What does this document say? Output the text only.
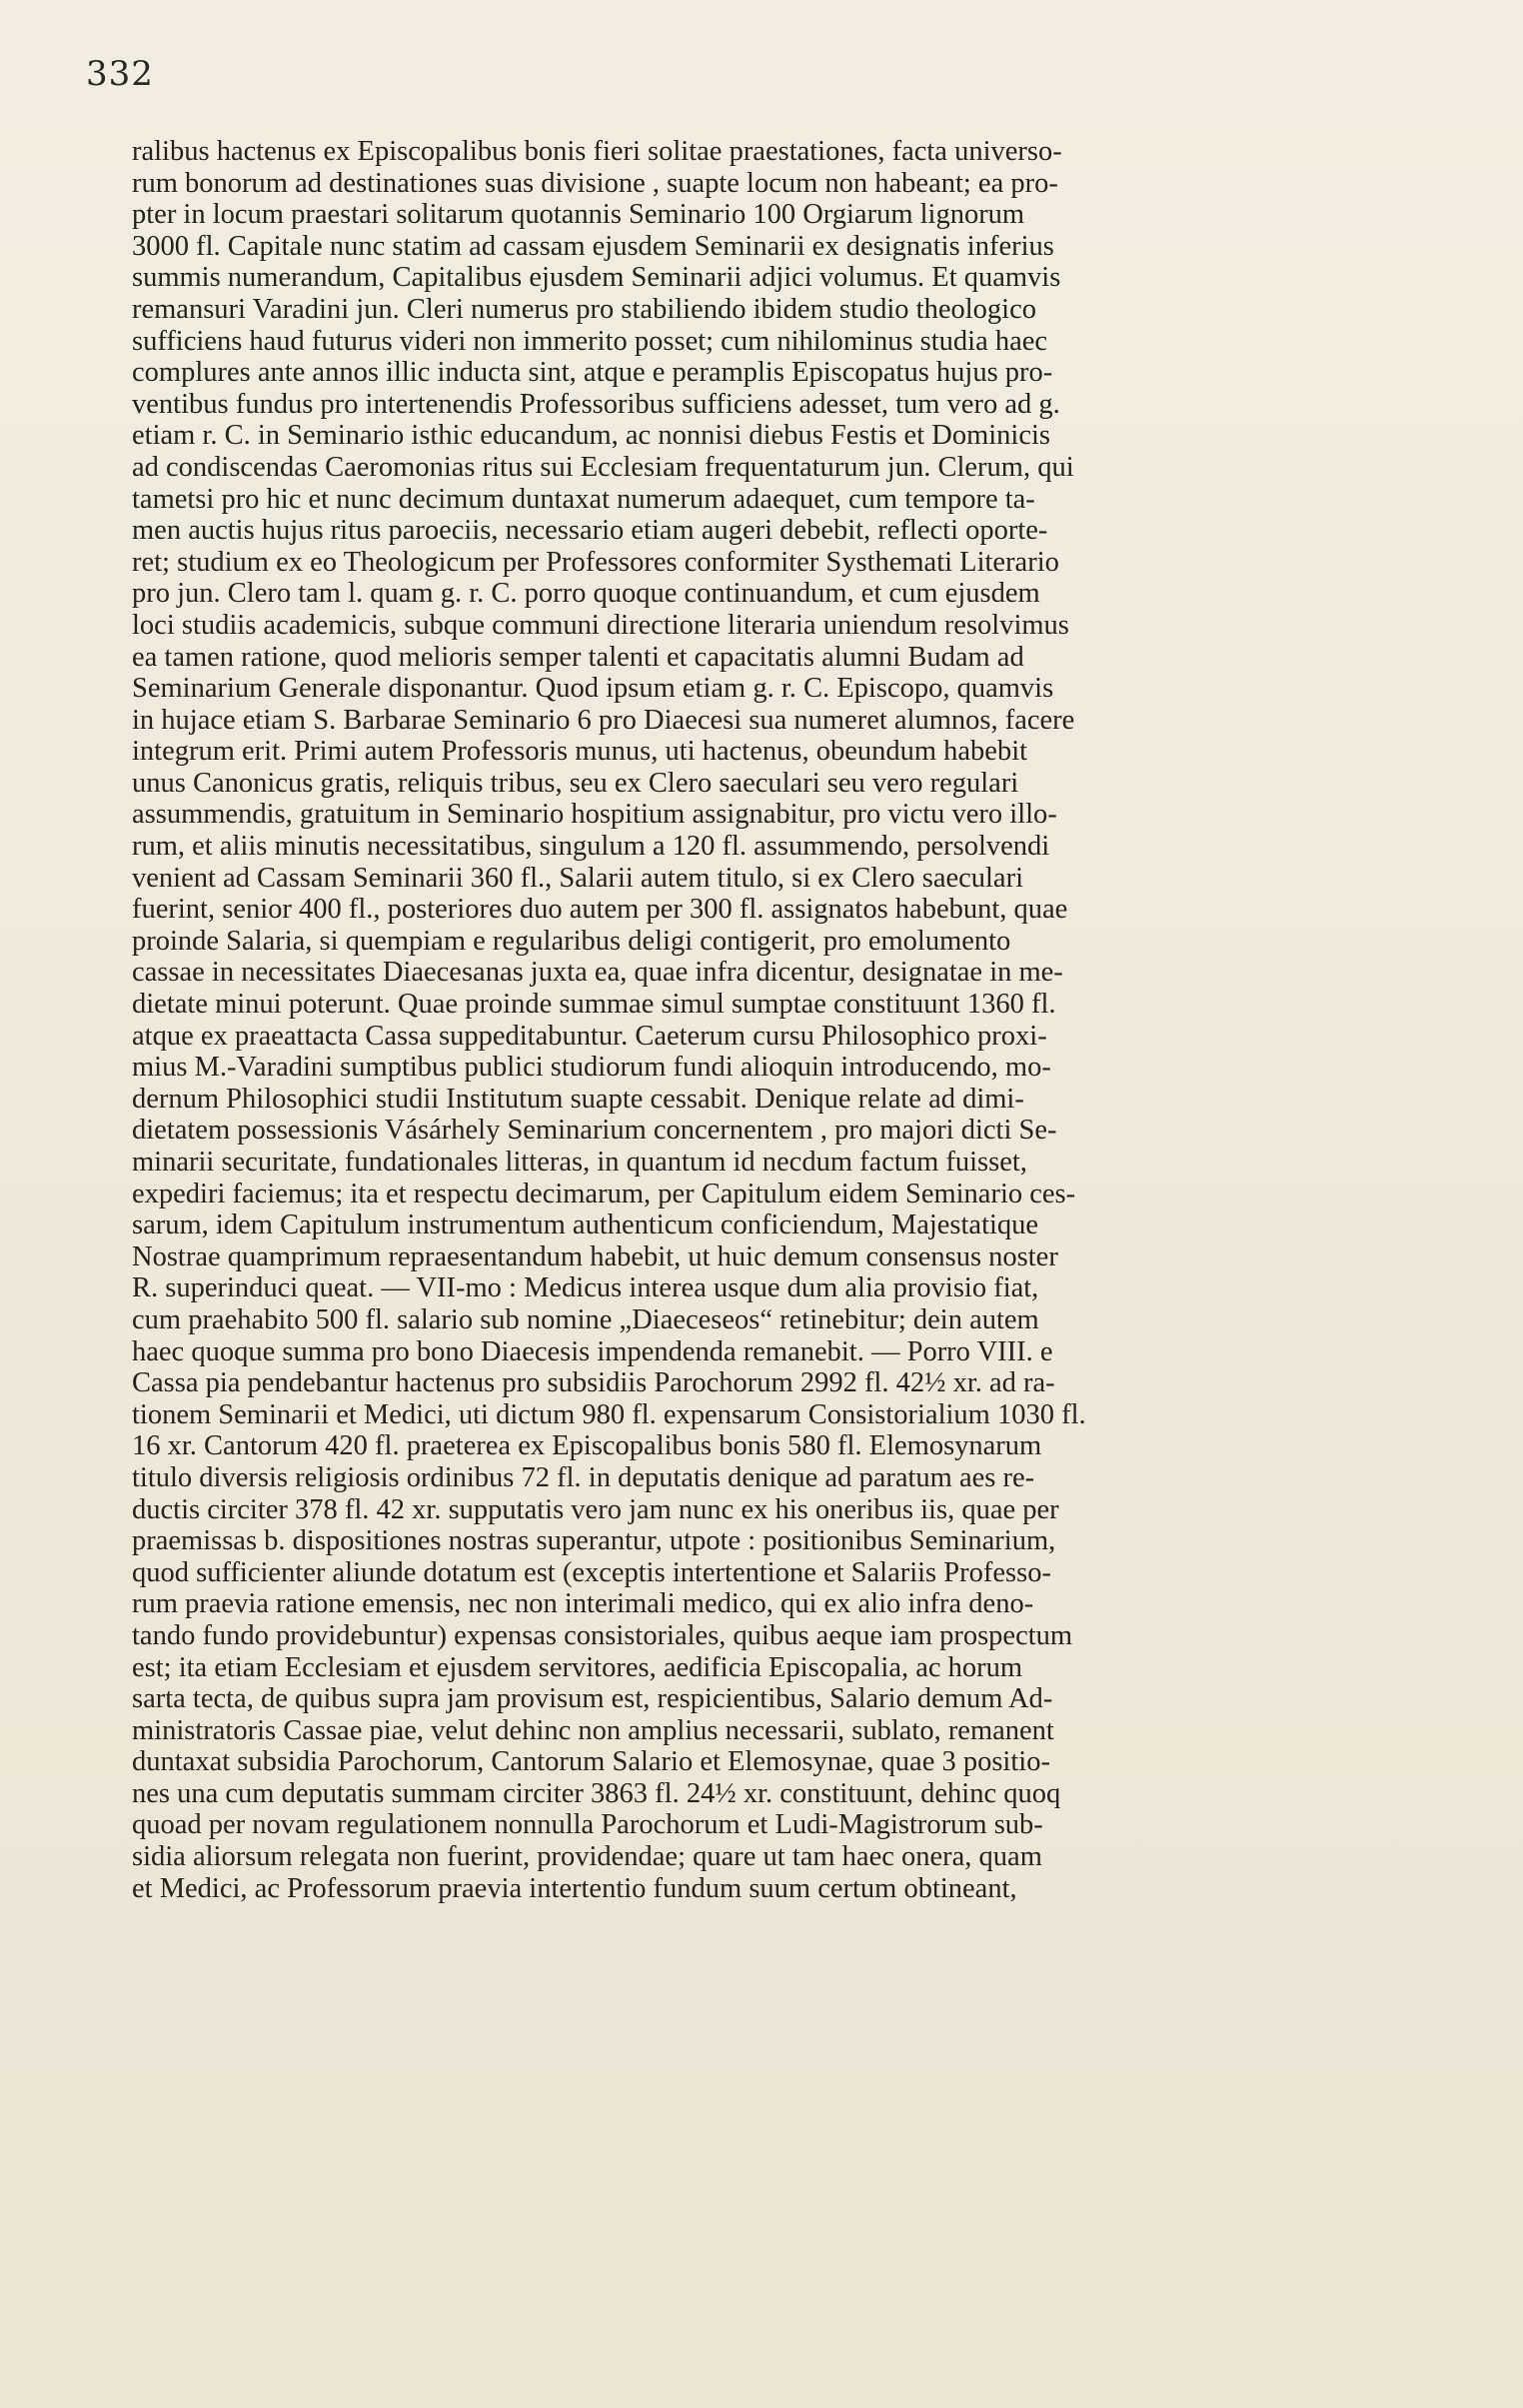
332
ralibus hactenus ex Episcopalibus bonis fieri solitae praestationes, facta universo-
rum bonorum ad destinationes suas divisione , suapte locum non habeant; ea pro-
pter in locum praestari solitarum quotannis Seminario 100 Orgiarum lignorum
3000 fl. Capitale nunc statim ad cassam ejusdem Seminarii ex designatis inferius
summis numerandum, Capitalibus ejusdem Seminarii adjici volumus. Et quamvis
remansuri Varadini jun. Cleri numerus pro stabiliendo ibidem studio theologico
sufficiens haud futurus videri non immerito posset; cum nihilominus studia haec
complures ante annos illic inducta sint, atque e peramplis Episcopatus hujus pro-
ventibus fundus pro intertenendis Professoribus sufficiens adesset, tum vero ad g.
etiam r. C. in Seminario isthic educandum, ac nonnisi diebus Festis et Dominicis
ad condiscendas Caeromonias ritus sui Ecclesiam frequentaturum jun. Clerum, qui
tametsi pro hic et nunc decimum duntaxat numerum adaequet, cum tempore ta-
men auctis hujus ritus paroeciis, necessario etiam augeri debebit, reflecti oporte-
ret; studium ex eo Theologicum per Professores conformiter Systhemati Literario
pro jun. Clero tam l. quam g. r. C. porro quoque continuandum, et cum ejusdem
loci studiis academicis, subque communi directione literaria uniendum resolvimus
ea tamen ratione, quod melioris semper talenti et capacitatis alumni Budam ad
Seminarium Generale disponantur. Quod ipsum etiam g. r. C. Episcopo, quamvis
in hujace etiam S. Barbarae Seminario 6 pro Diaecesi sua numeret alumnos, facere
integrum erit. Primi autem Professoris munus, uti hactenus, obeundum habebit
unus Canonicus gratis, reliquis tribus, seu ex Clero saeculari seu vero regulari
assummendis, gratuitum in Seminario hospitium assignabitur, pro victu vero illo-
rum, et aliis minutis necessitatibus, singulum a 120 fl. assummendo, persolvendi
venient ad Cassam Seminarii 360 fl., Salarii autem titulo, si ex Clero saeculari
fuerint, senior 400 fl., posteriores duo autem per 300 fl. assignatos habebunt, quae
proinde Salaria, si quempiam e regularibus deligi contigerit, pro emolumento
cassae in necessitates Diaecesanas juxta ea, quae infra dicentur, designatae in me-
dietate minui poterunt. Quae proinde summae simul sumptae constituunt 1360 fl.
atque ex praeattacta Cassa suppeditabuntur. Caeterum cursu Philosophico proxi-
mius M.-Varadini sumptibus publici studiorum fundi alioquin introducendo, mo-
dernum Philosophici studii Institutum suapte cessabit. Denique relate ad dimi-
dietatem possessionis Vásárhely Seminarium concernentem , pro majori dicti Se-
minarii securitate, fundationales litteras, in quantum id necdum factum fuisset,
expediri faciemus; ita et respectu decimarum, per Capitulum eidem Seminario ces-
sarum, idem Capitulum instrumentum authenticum conficiendum, Majestatique
Nostrae quamprimum repraesentandum habebit, ut huic demum consensus noster
R. superinduci queat. — VII-mo : Medicus interea usque dum alia provisio fiat,
cum praehabito 500 fl. salario sub nomine „Diaeceseos“ retinebitur; dein autem
haec quoque summa pro bono Diaecesis impendenda remanebit. — Porro VIII. e
Cassa pia pendebantur hactenus pro subsidiis Parochorum 2992 fl. 42½ xr. ad ra-
tionem Seminarii et Medici, uti dictum 980 fl. expensarum Consistorialium 1030 fl.
16 xr. Cantorum 420 fl. praeterea ex Episcopalibus bonis 580 fl. Elemosynarum
titulo diversis religiosis ordinibus 72 fl. in deputatis denique ad paratum aes re-
ductis circiter 378 fl. 42 xr. supputatis vero jam nunc ex his oneribus iis, quae per
praemissas b. dispositiones nostras superantur, utpote : positionibus Seminarium,
quod sufficienter aliunde dotatum est (exceptis intertentione et Salariis Professo-
rum praevia ratione emensis, nec non interimali medico, qui ex alio infra deno-
tando fundo providebuntur) expensas consistoriales, quibus aeque iam prospectum
est; ita etiam Ecclesiam et ejusdem servitores, aedificia Episcopalia, ac horum
sarta tecta, de quibus supra jam provisum est, respicientibus, Salario demum Ad-
ministratoris Cassae piae, velut dehinc non amplius necessarii, sublato, remanent
duntaxat subsidia Parochorum, Cantorum Salario et Elemosynae, quae 3 positio-
nes una cum deputatis summam circiter 3863 fl. 24½ xr. constituunt, dehinc quoq
quoad per novam regulationem nonnulla Parochorum et Ludi-Magistrorum sub-
sidia aliorsum relegata non fuerint, providendae; quare ut tam haec onera, quam
et Medici, ac Professorum praevia intertentio fundum suum certum obtineant,
